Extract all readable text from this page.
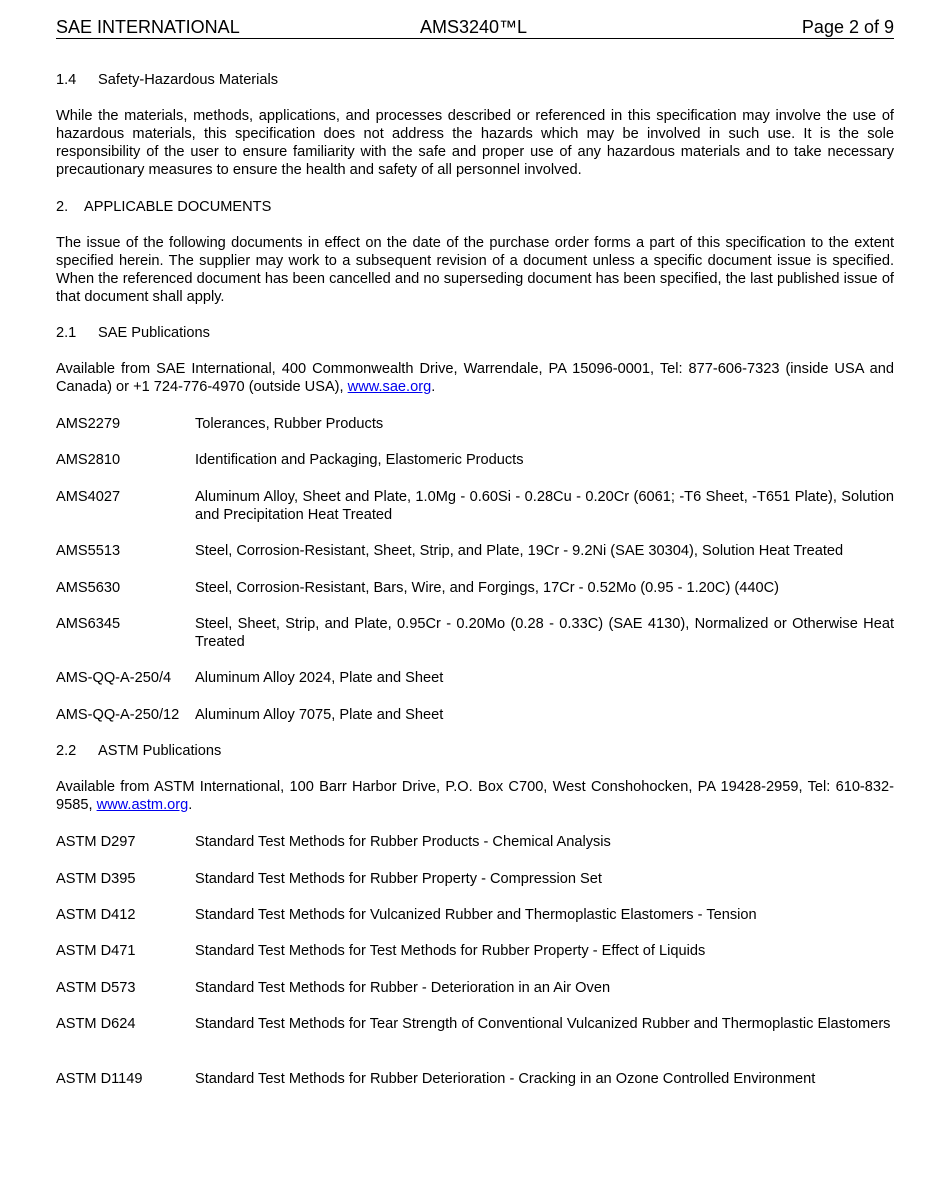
SAE INTERNATIONAL	AMS3240™L	Page 2 of 9
1.4 Safety-Hazardous Materials
While the materials, methods, applications, and processes described or referenced in this specification may involve the use of hazardous materials, this specification does not address the hazards which may be involved in such use. It is the sole responsibility of the user to ensure familiarity with the safe and proper use of any hazardous materials and to take necessary precautionary measures to ensure the health and safety of all personnel involved.
2. APPLICABLE DOCUMENTS
The issue of the following documents in effect on the date of the purchase order forms a part of this specification to the extent specified herein. The supplier may work to a subsequent revision of a document unless a specific document issue is specified. When the referenced document has been cancelled and no superseding document has been specified, the last published issue of that document shall apply.
2.1 SAE Publications
Available from SAE International, 400 Commonwealth Drive, Warrendale, PA 15096-0001, Tel: 877-606-7323 (inside USA and Canada) or +1 724-776-4970 (outside USA), www.sae.org.
AMS2279	Tolerances, Rubber Products
AMS2810	Identification and Packaging, Elastomeric Products
AMS4027	Aluminum Alloy, Sheet and Plate, 1.0Mg - 0.60Si - 0.28Cu - 0.20Cr (6061; -T6 Sheet, -T651 Plate), Solution and Precipitation Heat Treated
AMS5513	Steel, Corrosion-Resistant, Sheet, Strip, and Plate, 19Cr - 9.2Ni (SAE 30304), Solution Heat Treated
AMS5630	Steel, Corrosion-Resistant, Bars, Wire, and Forgings, 17Cr - 0.52Mo (0.95 - 1.20C) (440C)
AMS6345	Steel, Sheet, Strip, and Plate, 0.95Cr - 0.20Mo (0.28 - 0.33C) (SAE 4130), Normalized or Otherwise Heat Treated
AMS-QQ-A-250/4 Aluminum Alloy 2024, Plate and Sheet
AMS-QQ-A-250/12 Aluminum Alloy 7075, Plate and Sheet
2.2 ASTM Publications
Available from ASTM International, 100 Barr Harbor Drive, P.O. Box C700, West Conshohocken, PA 19428-2959, Tel: 610-832-9585, www.astm.org.
ASTM D297	Standard Test Methods for Rubber Products - Chemical Analysis
ASTM D395	Standard Test Methods for Rubber Property - Compression Set
ASTM D412	Standard Test Methods for Vulcanized Rubber and Thermoplastic Elastomers - Tension
ASTM D471	Standard Test Methods for Test Methods for Rubber Property - Effect of Liquids
ASTM D573	Standard Test Methods for Rubber - Deterioration in an Air Oven
ASTM D624	Standard Test Methods for Tear Strength of Conventional Vulcanized Rubber and Thermoplastic Elastomers
ASTM D1149	Standard Test Methods for Rubber Deterioration - Cracking in an Ozone Controlled Environment
